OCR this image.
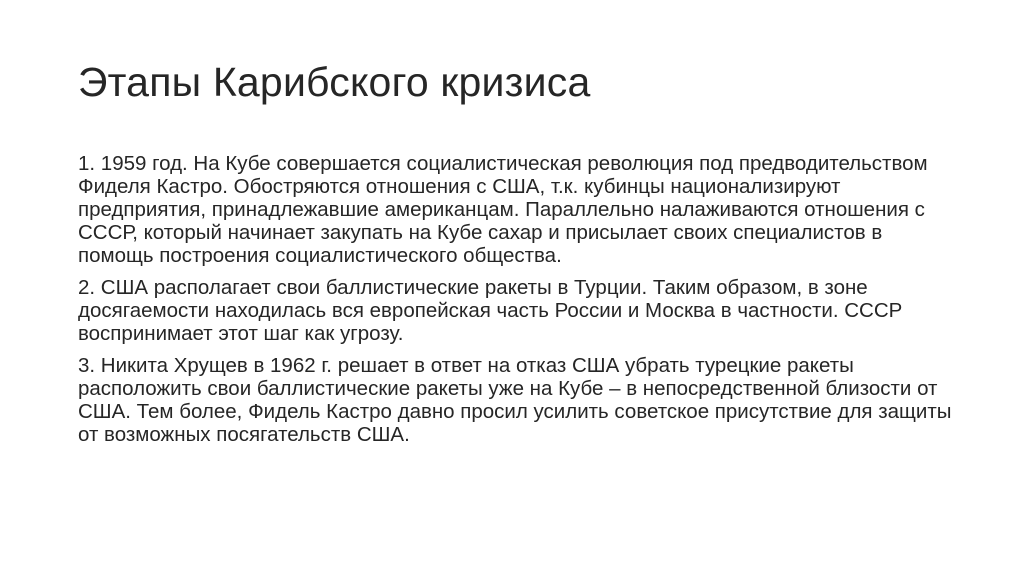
Этапы Карибского кризиса

1. 1959 год. На Кубе совершается социалистическая революция под предводительством Фиделя Кастро. Обостряются отношения с США, т.к. кубинцы национализируют предприятия, принадлежавшие американцам. Параллельно налаживаются отношения с СССР, который начинает закупать на Кубе сахар и присылает своих специалистов в помощь построения социалистического общества.

2. США располагает свои баллистические ракеты в Турции. Таким образом, в зоне досягаемости находилась вся европейская часть России и Москва в частности. СССР воспринимает этот шаг как угрозу.

3. Никита Хрущев в 1962 г. решает в ответ на отказ США убрать турецкие ракеты расположить свои баллистические ракеты уже на Кубе – в непосредственной близости от США. Тем более, Фидель Кастро давно просил усилить советское присутствие для защиты от возможных посягательств США.
